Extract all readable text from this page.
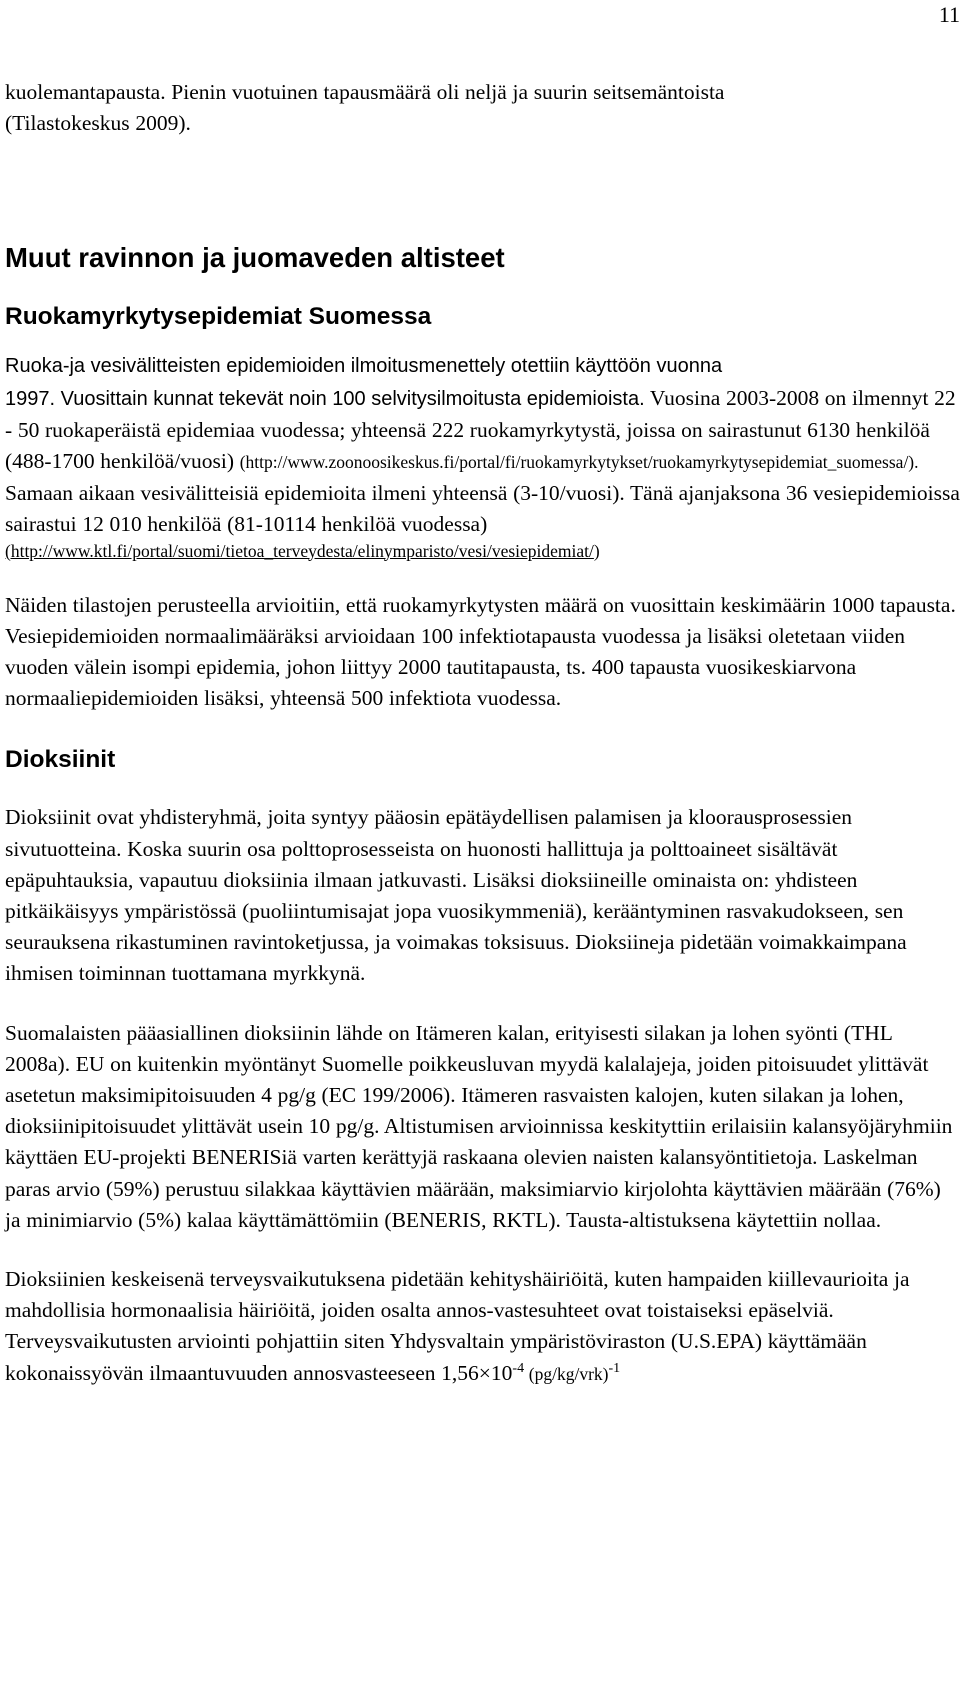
11

kuolemantapausta. Pienin vuotuinen tapausmäärä oli neljä ja suurin seitsemäntoista

(Tilastokeskus 2009).

Muut ravinnon ja juomaveden altisteet
Ruokamyrkytysepidemiat Suomessa

Ruoka-ja vesivälitteisten epidemioiden ilmoitusmenettely otettiin käyttöön vuonna

1997. Vuosittain kunnat tekevät noin 100 selvitysilmoitusta epidemioista.

Vuosina 2003-2008 on ilmennyt 22 - 50 ruokaperäistä epidemiaa vuodessa; yhteensä 222 ruokamyrkytystä, joissa on sairastunut 6130 henkilöä (488-1700 henkilöä/vuosi) (http://www.zoonoosikeskus.fi/portal/fi/ruokamyrkytykset/ruokamyrkytysepidemiat_suomessa/). Samaan aikaan vesivälitteisiä epidemioita ilmeni yhteensä (3-10/vuosi). Tänä ajanjaksona 36 vesiepidemioissa sairastui 12 010 henkilöä (81-10114 henkilöä vuodessa) (http://www.ktl.fi/portal/suomi/tietoa_terveydesta/elinymparisto/vesi/vesiepidemiat/)

Näiden tilastojen perusteella arvioitiin, että ruokamyrkytysten määrä on vuosittain keskimäärin 1000 tapausta. Vesiepidemioiden normaalimääräksi arvioidaan 100 infektiotapausta vuodessa ja lisäksi oletetaan viiden vuoden välein isompi epidemia, johon liittyy 2000 tautitapausta, ts. 400 tapausta vuosikeskiarvona normaaliepidemioiden lisäksi, yhteensä 500 infektiota vuodessa.

Dioksiinit

Dioksiinit ovat yhdisteryhmä, joita syntyy pääosin epätäydellisen palamisen ja kloorausprosessien sivutuotteina. Koska suurin osa polttoprosesseista on huonosti hallittuja ja polttoaineet sisältävät epäpuhtauksia, vapautuu dioksiinia ilmaan jatkuvasti. Lisäksi dioksiineille ominaista on: yhdisteen pitkäikäisyys ympäristössä (puoliintumisajat jopa vuosikymmeniä), kerääntyminen rasvakudokseen, sen seurauksena rikastuminen ravintoketjussa, ja voimakas toksisuus. Dioksiineja pidetään voimakkaimpana ihmisen toiminnan tuottamana myrkkynä.

Suomalaisten pääasiallinen dioksiinin lähde on Itämeren kalan, erityisesti silakan ja lohen syönti (THL 2008a). EU on kuitenkin myöntänyt Suomelle poikkeusluvan myydä kalalajeja, joiden pitoisuudet ylittävät asetetun maksimipitoisuuden 4 pg/g (EC 199/2006). Itämeren rasvaisten kalojen, kuten silakan ja lohen, dioksiinipitoisuudet ylittävät usein 10 pg/g. Altistumisen arvioinnissa keskityttiin erilaisiin kalansyöjäryhmiin käyttäen EU-projekti BENERISiä varten kerättyjä raskaana olevien naisten kalansyöntitietoja. Laskelman paras arvio (59%) perustuu silakkaa käyttävien määrään, maksimiarvio kirjolohta käyttävien määrään (76%) ja minimiarvio (5%) kalaa käyttämättömiin (BENERIS, RKTL). Tausta-altistuksena käytettiin nollaa.

Dioksiinien keskeisenä terveysvaikutuksena pidetään kehityshäiriöitä, kuten hampaiden kiillevaurioita ja mahdollisia hormonaalisia häiriöitä, joiden osalta annos-vastesuhteet ovat toistaiseksi epäselviä. Terveysvaikutusten arviointi pohjattiin siten Yhdysvaltain ympäristöviraston (U.S.EPA) käyttämään kokonaissyövän ilmaantuvuuden annosvasteeseen $1,56\times 10^{-4}$ $(pg/kg/vrk)^{-1}$
